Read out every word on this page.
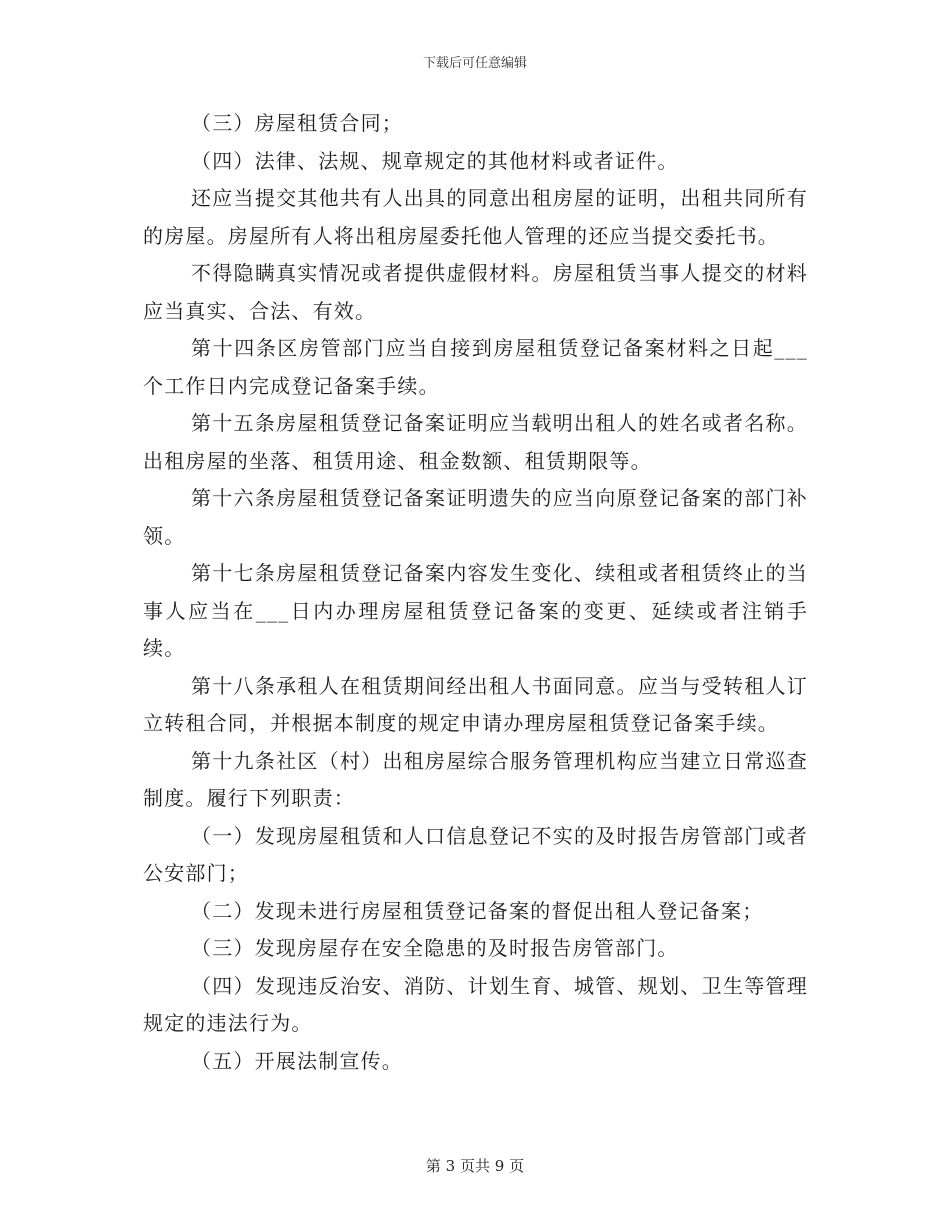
下载后可任意编辑

（三）房屋租赁合同；

（四）法律、法规、规章规定的其他材料或者证件。

还应当提交其他共有人出具的同意出租房屋的证明，出租共同所有的房屋。房屋所有人将出租房屋委托他人管理的还应当提交委托书。

不得隐瞒真实情况或者提供虚假材料。房屋租赁当事人提交的材料应当真实、合法、有效。

第十四条区房管部门应当自接到房屋租赁登记备案材料之日起___个工作日内完成登记备案手续。

第十五条房屋租赁登记备案证明应当载明出租人的姓名或者名称。出租房屋的坐落、租赁用途、租金数额、租赁期限等。

第十六条房屋租赁登记备案证明遗失的应当向原登记备案的部门补领。

第十七条房屋租赁登记备案内容发生变化、续租或者租赁终止的当事人应当在___日内办理房屋租赁登记备案的变更、延续或者注销手续。

第十八条承租人在租赁期间经出租人书面同意。应当与受转租人订立转租合同，并根据本制度的规定申请办理房屋租赁登记备案手续。

第十九条社区（村）出租房屋综合服务管理机构应当建立日常巡查制度。履行下列职责：

（一）发现房屋租赁和人口信息登记不实的及时报告房管部门或者公安部门；

（二）发现未进行房屋租赁登记备案的督促出租人登记备案；

（三）发现房屋存在安全隐患的及时报告房管部门。

（四）发现违反治安、消防、计划生育、城管、规划、卫生等管理规定的违法行为。

（五）开展法制宣传。

第 3 页共 9 页
